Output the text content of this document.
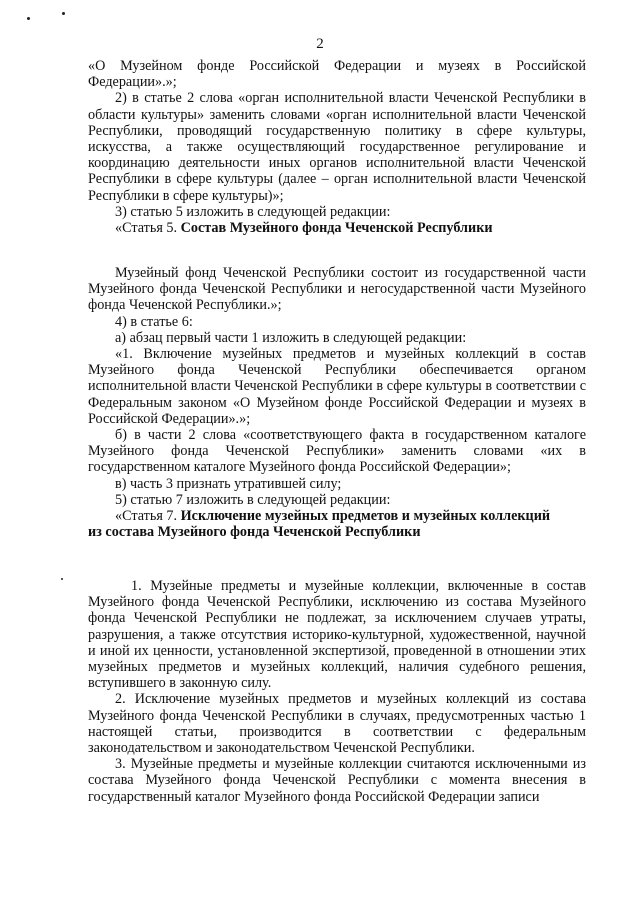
2

«О Музейном фонде Российской Федерации и музеях в Российской Федерации».»;

2) в статье 2 слова «орган исполнительной власти Чеченской Республики в области культуры» заменить словами «орган исполнительной власти Чеченской Республики, проводящий государственную политику в сфере культуры, искусства, а также осуществляющий государственное регулирование и координацию деятельности иных органов исполнительной власти Чеченской Республики в сфере культуры (далее – орган исполнительной власти Чеченской Республики в сфере культуры)»;

3) статью 5 изложить в следующей редакции:

«Статья 5. Состав Музейного фонда Чеченской Республики

Музейный фонд Чеченской Республики состоит из государственной части Музейного фонда Чеченской Республики и негосударственной части Музейного фонда Чеченской Республики.»;

4) в статье 6:

а) абзац первый части 1 изложить в следующей редакции:

«1. Включение музейных предметов и музейных коллекций в состав Музейного фонда Чеченской Республики обеспечивается органом исполнительной власти Чеченской Республики в сфере культуры в соответствии с Федеральным законом «О Музейном фонде Российской Федерации и музеях в Российской Федерации».»;

б) в части 2 слова «соответствующего факта в государственном каталоге Музейного фонда Чеченской Республики» заменить словами «их в государственном каталоге Музейного фонда Российской Федерации»;

в) часть 3 признать утратившей силу;

5) статью 7 изложить в следующей редакции:

«Статья 7. Исключение музейных предметов и музейных коллекций

из состава Музейного фонда Чеченской Республики

1. Музейные предметы и музейные коллекции, включенные в состав Музейного фонда Чеченской Республики, исключению из состава Музейного фонда Чеченской Республики не подлежат, за исключением случаев утраты, разрушения, а также отсутствия историко-культурной, художественной, научной и иной их ценности, установленной экспертизой, проведенной в отношении этих музейных предметов и музейных коллекций, наличия судебного решения, вступившего в законную силу.

2. Исключение музейных предметов и музейных коллекций из состава Музейного фонда Чеченской Республики в случаях, предусмотренных частью 1 настоящей статьи, производится в соответствии с федеральным законодательством и законодательством Чеченской Республики.

3. Музейные предметы и музейные коллекции считаются исключенными из состава Музейного фонда Чеченской Республики с момента внесения в государственный каталог Музейного фонда Российской Федерации записи
